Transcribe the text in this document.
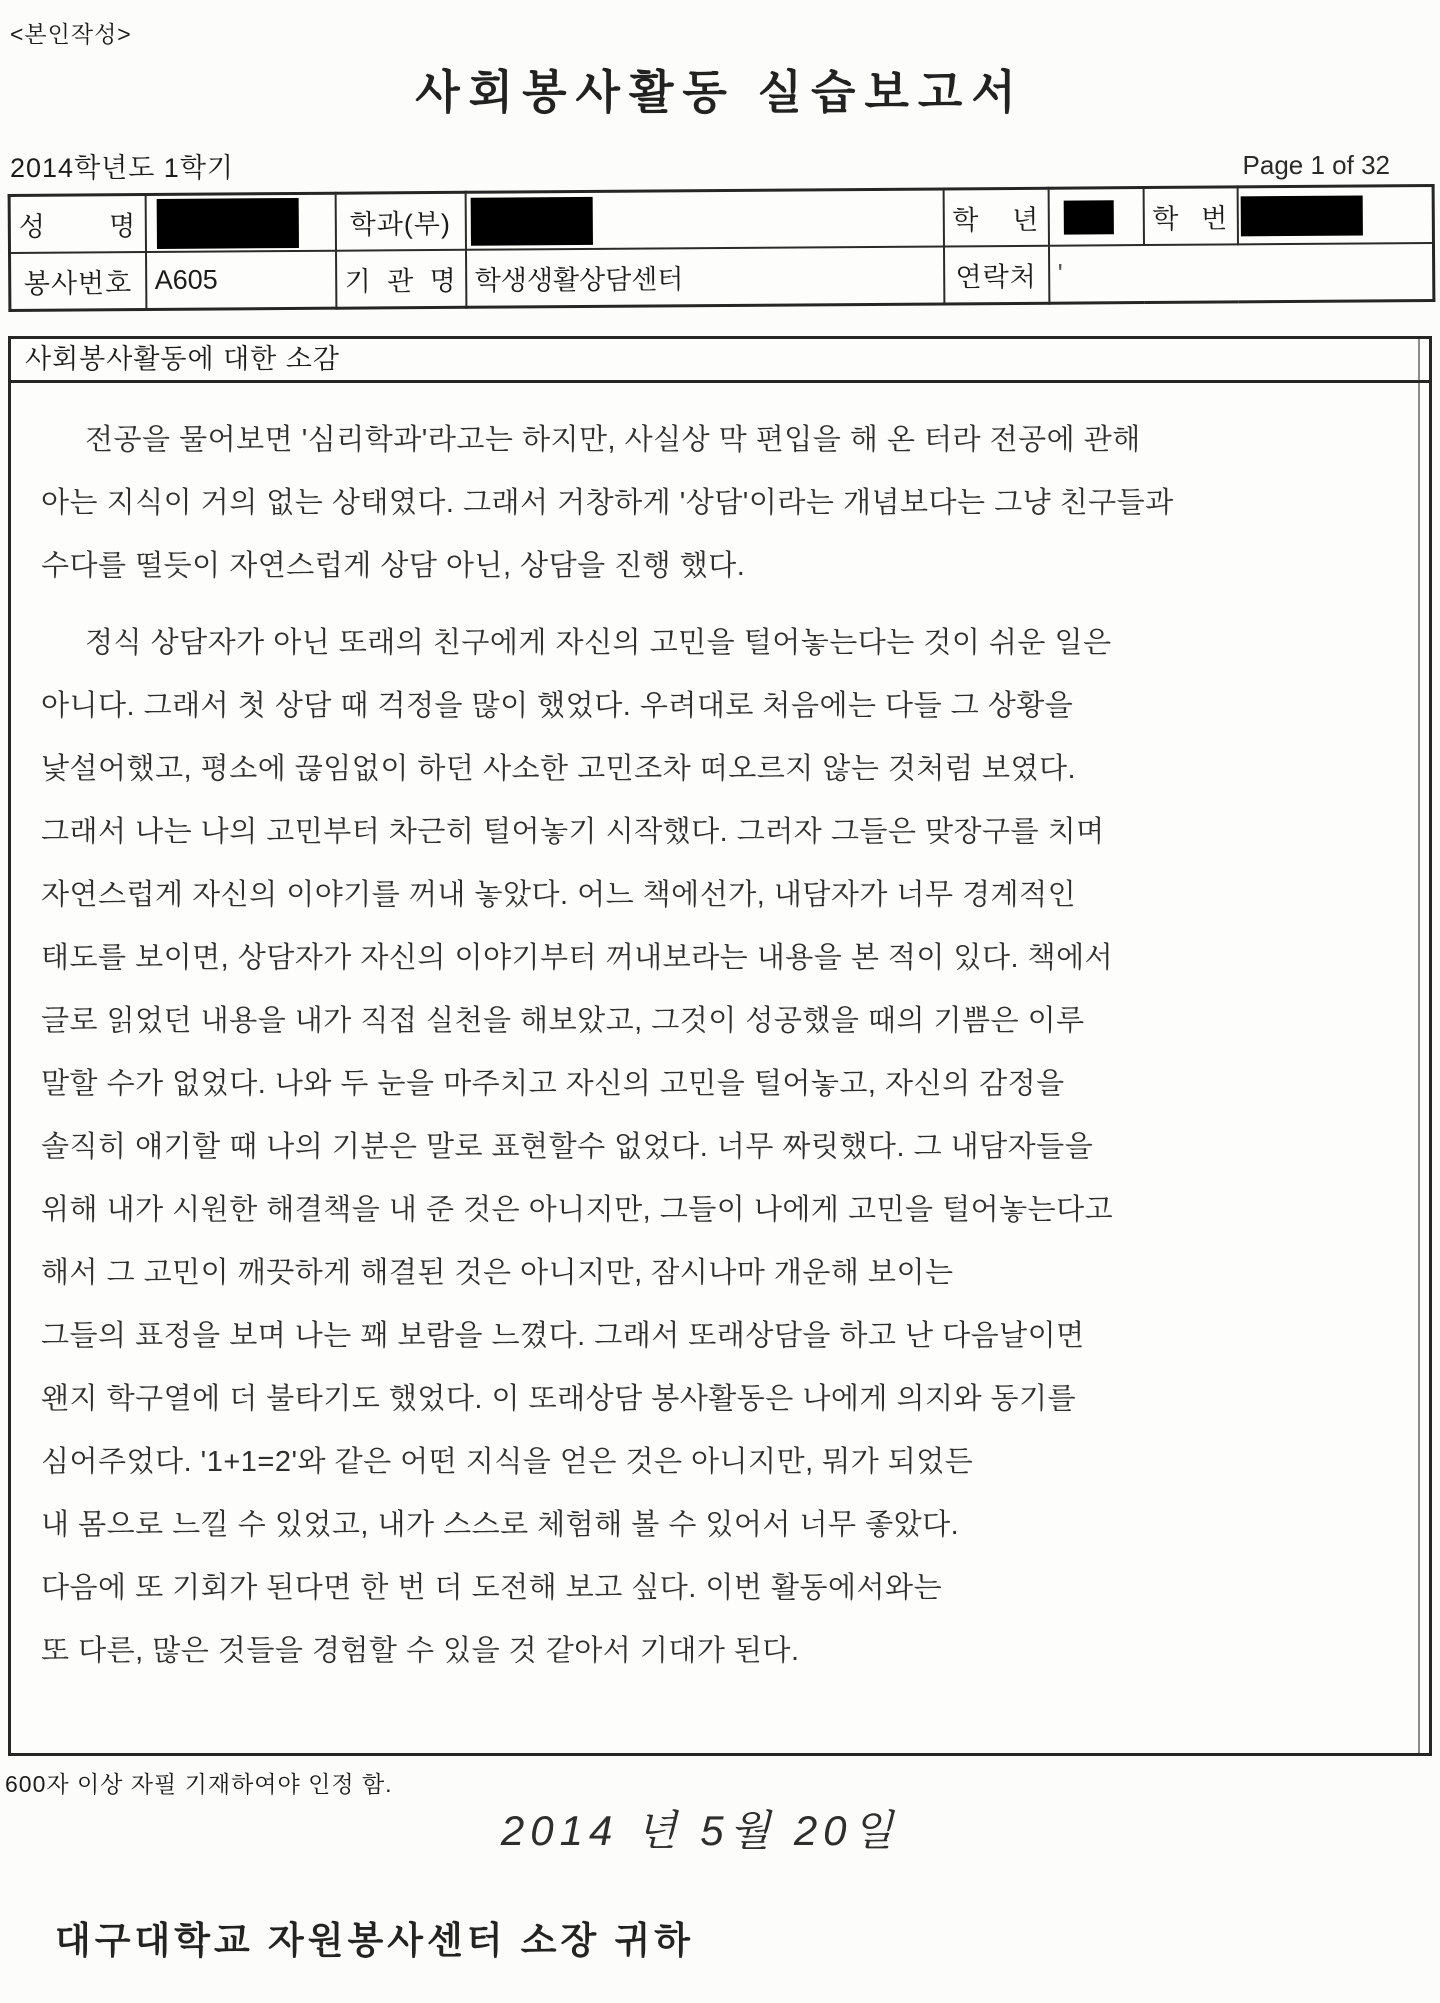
<본인작성>
사회봉사활동 실습보고서
2014학년도 1학기	Page 1 of 32
성 명		학과(부)		학 년		학 번	
봉사번호	A605	기 관 명	학생생활상담센터	연락처	'		
사회봉사활동에 대한 소감
전공을 물어보면 '심리학과'라고는 하지만, 사실상 막 편입을 해 온 터라 전공에 관해
아는 지식이 거의 없는 상태였다. 그래서 거창하게 '상담'이라는 개념보다는 그냥 친구들과
수다를 떨듯이 자연스럽게 상담 아닌, 상담을 진행 했다.
정식 상담자가 아닌 또래의 친구에게 자신의 고민을 털어놓는다는 것이 쉬운 일은
아니다. 그래서 첫 상담 때 걱정을 많이 했었다. 우려대로 처음에는 다들 그 상황을
낯설어했고, 평소에 끊임없이 하던 사소한 고민조차 떠오르지 않는 것처럼 보였다.
그래서 나는 나의 고민부터 차근히 털어놓기 시작했다. 그러자 그들은 맞장구를 치며
자연스럽게 자신의 이야기를 꺼내 놓았다. 어느 책에선가, 내담자가 너무 경계적인
태도를 보이면, 상담자가 자신의 이야기부터 꺼내보라는 내용을 본 적이 있다. 책에서
글로 읽었던 내용을 내가 직접 실천을 해보았고, 그것이 성공했을 때의 기쁨은 이루
말할 수가 없었다. 나와 두 눈을 마주치고 자신의 고민을 털어놓고, 자신의 감정을
솔직히 얘기할 때 나의 기분은 말로 표현할수 없었다. 너무 짜릿했다. 그 내담자들을
위해 내가 시원한 해결책을 내 준 것은 아니지만, 그들이 나에게 고민을 털어놓는다고
해서 그 고민이 깨끗하게 해결된 것은 아니지만, 잠시나마 개운해 보이는
그들의 표정을 보며 나는 꽤 보람을 느꼈다. 그래서 또래상담을 하고 난 다음날이면
왠지 학구열에 더 불타기도 했었다. 이 또래상담 봉사활동은 나에게 의지와 동기를
심어주었다. '1+1=2'와 같은 어떤 지식을 얻은 것은 아니지만, 뭐가 되었든
내 몸으로 느낄 수 있었고, 내가 스스로 체험해 볼 수 있어서 너무 좋았다.
다음에 또 기회가 된다면 한 번 더 도전해 보고 싶다. 이번 활동에서와는
또 다른, 많은 것들을 경험할 수 있을 것 같아서 기대가 된다.
600자 이상 자필 기재하여야 인정 함.
2014 년 5월 20일
대구대학교 자원봉사센터 소장 귀하
